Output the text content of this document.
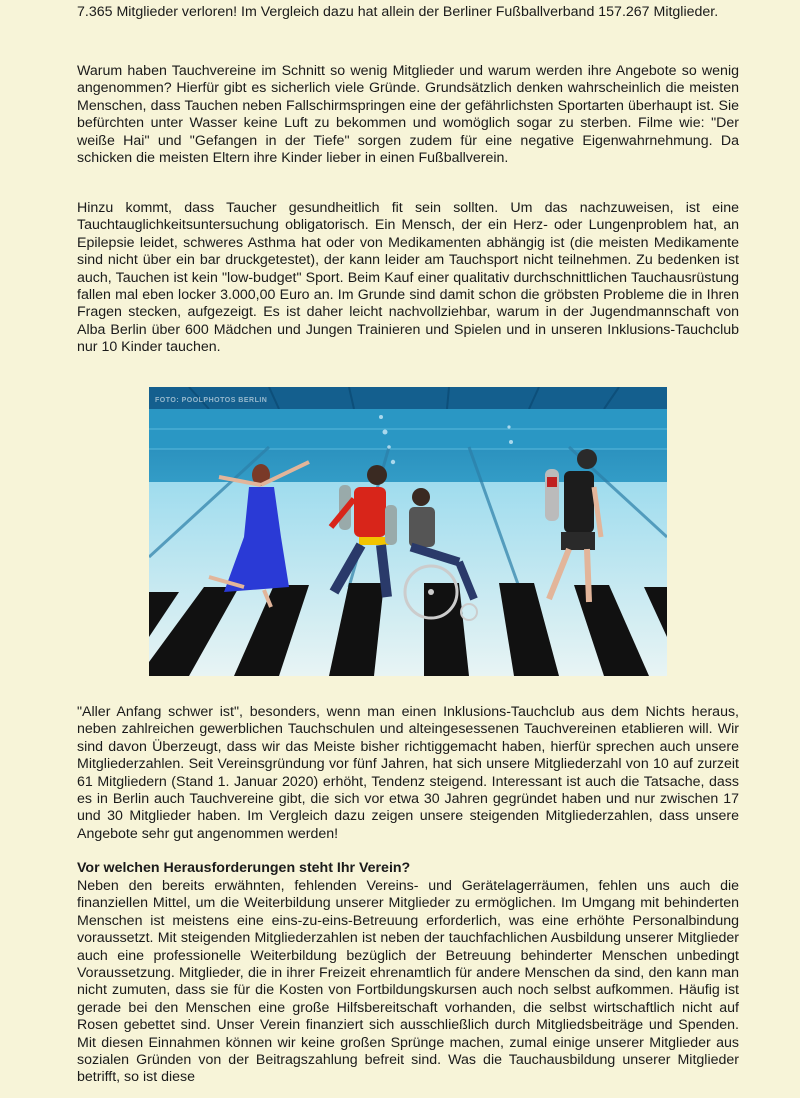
7.365 Mitglieder verloren! Im Vergleich dazu hat allein der Berliner Fußballverband 157.267 Mitglieder.

Warum haben Tauchvereine im Schnitt so wenig Mitglieder und warum werden ihre Angebote so wenig angenommen? Hierfür gibt es sicherlich viele Gründe. Grundsätzlich denken wahrscheinlich die meisten Menschen, dass Tauchen neben Fallschirmspringen eine der gefährlichsten Sportarten überhaupt ist. Sie befürchten unter Wasser keine Luft zu bekommen und womöglich sogar zu sterben. Filme wie: "Der weiße Hai" und "Gefangen in der Tiefe" sorgen zudem für eine negative Eigenwahrnehmung. Da schicken die meisten Eltern ihre Kinder lieber in einen Fußballverein.

Hinzu kommt, dass Taucher gesundheitlich fit sein sollten. Um das nachzuweisen, ist eine Tauchtauglichkeitsuntersuchung obligatorisch. Ein Mensch, der ein Herz- oder Lungenproblem hat, an Epilepsie leidet, schweres Asthma hat oder von Medikamenten abhängig ist (die meisten Medikamente sind nicht über ein bar druckgetestet), der kann leider am Tauchsport nicht teilnehmen. Zu bedenken ist auch, Tauchen ist kein "low-budget" Sport. Beim Kauf einer qualitativ durchschnittlichen Tauchausrüstung fallen mal eben locker 3.000,00 Euro an. Im Grunde sind damit schon die gröbsten Probleme die in Ihren Fragen stecken, aufgezeigt. Es ist daher leicht nachvollziehbar, warum in der Jugendmannschaft von Alba Berlin über 600 Mädchen und Jungen Trainieren und Spielen und in unseren Inklusions-Tauchclub nur 10 Kinder tauchen.

"Aller Anfang schwer ist", besonders, wenn man einen Inklusions-Tauchclub aus dem Nichts heraus, neben zahlreichen gewerblichen Tauchschulen und alteingesessenen Tauchvereinen etablieren will. Wir sind davon Überzeugt, dass wir das Meiste bisher richtiggemacht haben, hierfür sprechen auch unsere Mitgliederzahlen. Seit Vereinsgründung vor fünf Jahren, hat sich unsere Mitgliederzahl von 10 auf zurzeit 61 Mitgliedern (Stand 1. Januar 2020) erhöht, Tendenz steigend. Interessant ist auch die Tatsache, dass es in Berlin auch Tauchvereine gibt, die sich vor etwa 30 Jahren gegründet haben und nur zwischen 17 und 30 Mitglieder haben. Im Vergleich dazu zeigen unsere steigenden Mitgliederzahlen, dass unsere Angebote sehr gut angenommen werden!

Vor welchen Herausforderungen steht Ihr Verein?

Neben den bereits erwähnten, fehlenden Vereins- und Gerätelagerräumen, fehlen uns auch die finanziellen Mittel, um die Weiterbildung unserer Mitglieder zu ermöglichen. Im Umgang mit behinderten Menschen ist meistens eine eins-zu-eins-Betreuung erforderlich, was eine erhöhte Personalbindung voraussetzt. Mit steigenden Mitgliederzahlen ist neben der tauchfachlichen Ausbildung unserer Mitglieder auch eine professionelle Weiterbildung bezüglich der Betreuung behinderter Menschen unbedingt Voraussetzung. Mitglieder, die in ihrer Freizeit ehrenamtlich für andere Menschen da sind, den kann man nicht zumuten, dass sie für die Kosten von Fortbildungskursen auch noch selbst aufkommen. Häufig ist gerade bei den Menschen eine große Hilfsbereitschaft vorhanden, die selbst wirtschaftlich nicht auf Rosen gebettet sind. Unser Verein finanziert sich ausschließlich durch Mitgliedsbeiträge und Spenden. Mit diesen Einnahmen können wir keine großen Sprünge machen, zumal einige unserer Mitglieder aus sozialen Gründen von der Beitragszahlung befreit sind. Was die Tauchausbildung unserer Mitglieder betrifft, so ist diese

FOTO: POOLPHOTOS BERLIN
